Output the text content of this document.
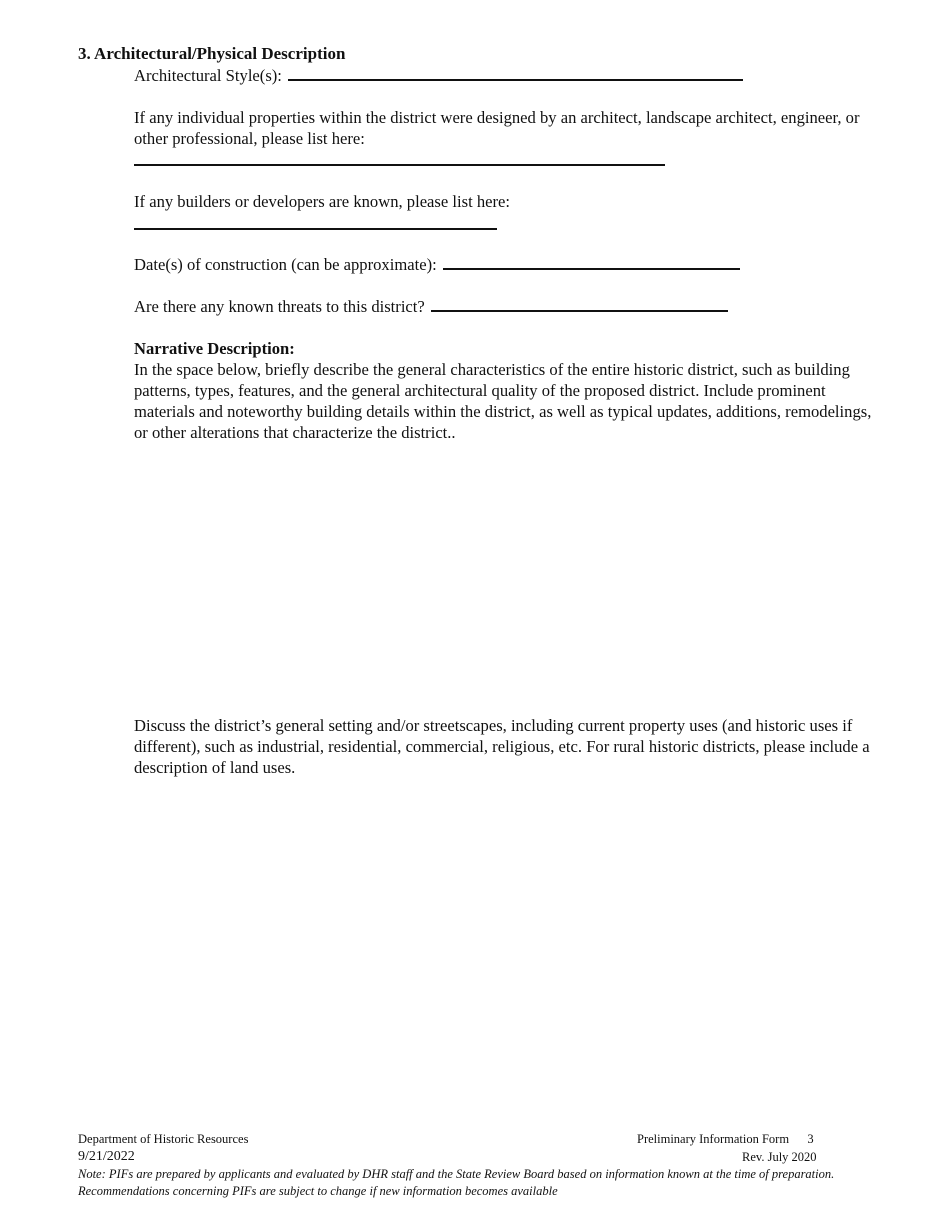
3. Architectural/Physical Description
Architectural Style(s):
If any individual properties within the district were designed by an architect, landscape architect, engineer, or other professional, please list here:
If any builders or developers are known, please list here:
Date(s) of construction (can be approximate):
Are there any known threats to this district?
Narrative Description:
In the space below, briefly describe the general characteristics of the entire historic district, such as building patterns, types, features, and the general architectural quality of the proposed district. Include prominent materials and noteworthy building details within the district, as well as typical updates, additions, remodelings, or other alterations that characterize the district..
Discuss the district’s general setting and/or streetscapes, including current property uses (and historic uses if different), such as industrial, residential, commercial, religious, etc. For rural historic districts, please include a description of land uses.
Department of Historic Resources	Preliminary Information Form 3
9/21/2022	Rev. July 2020
Note: PIFs are prepared by applicants and evaluated by DHR staff and the State Review Board based on information known at the time of preparation.
Recommendations concerning PIFs are subject to change if new information becomes available
